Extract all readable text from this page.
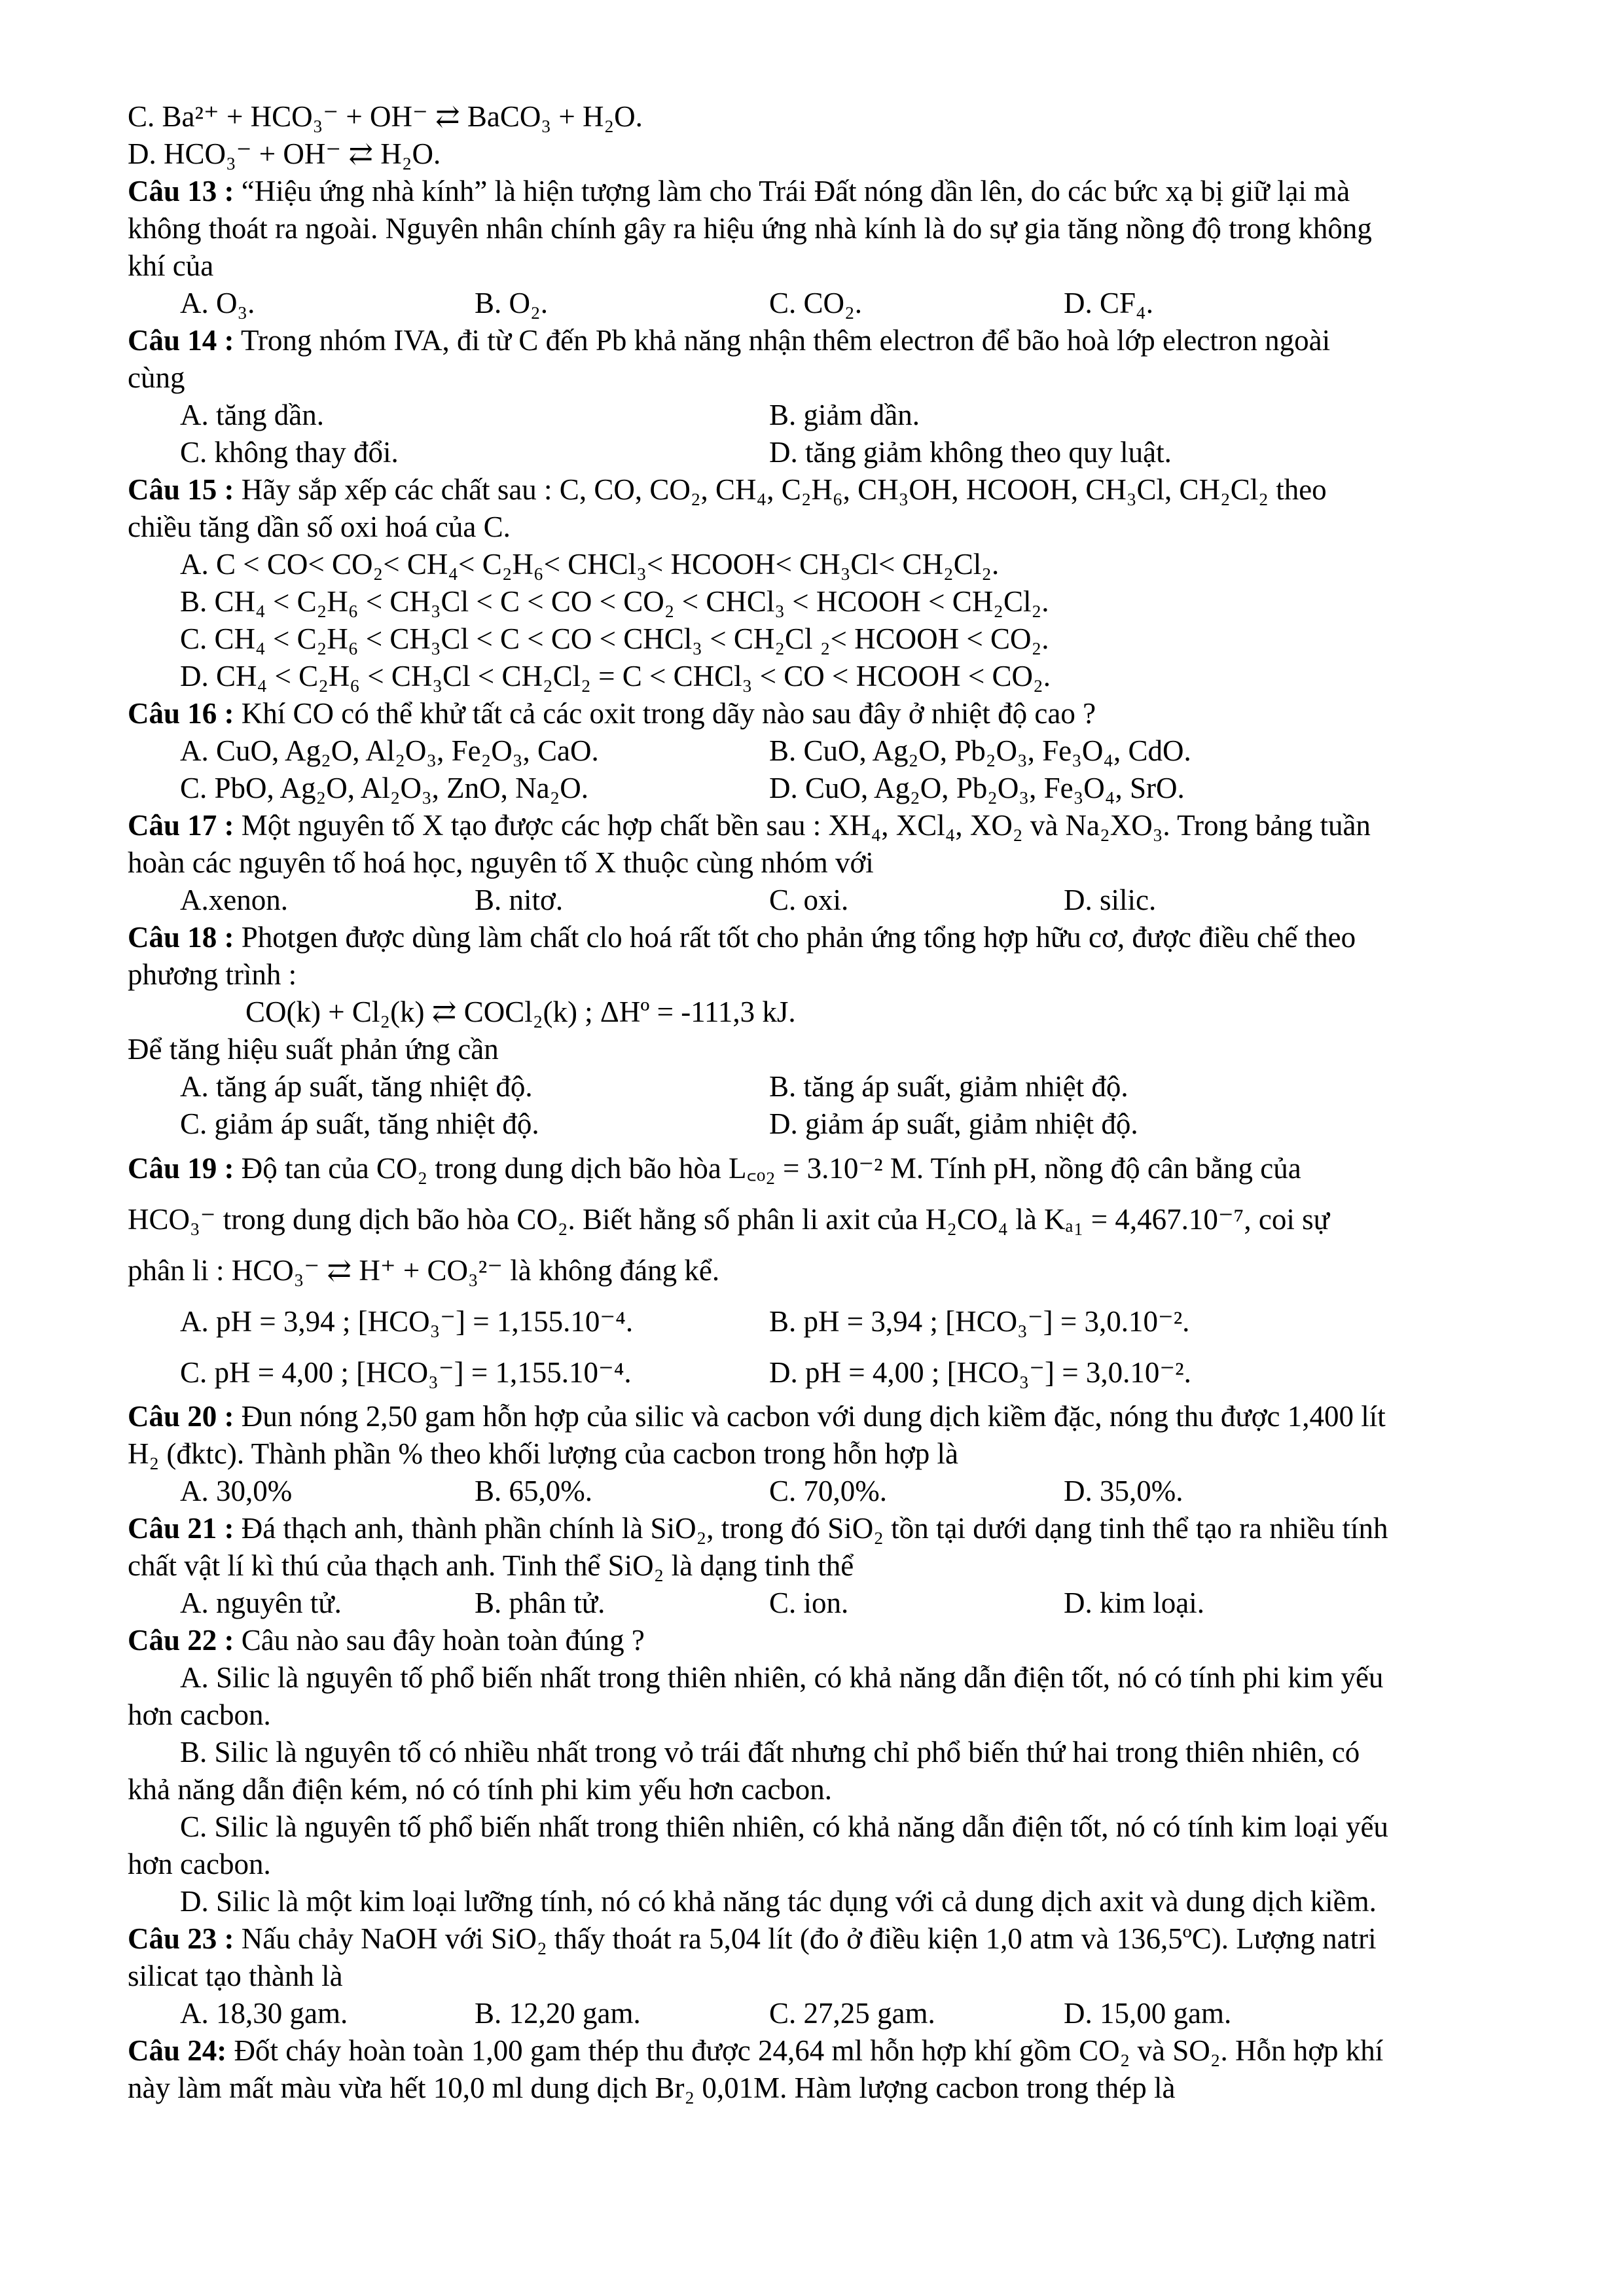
C. Ba²⁺ + HCO₃⁻ + OH⁻ ⇄ BaCO₃ + H₂O.
D. HCO₃⁻ + OH⁻ ⇄ H₂O.
Câu 13 : “Hiệu ứng nhà kính” là hiện tượng làm cho Trái Đất nóng dần lên, do các bức xạ bị giữ lại mà
không thoát ra ngoài. Nguyên nhân chính gây ra hiệu ứng nhà kính là do sự gia tăng nồng độ trong không
khí của
A. O₃.	B. O₂.	C. CO₂.	D. CF₄.
Câu 14 : Trong nhóm IVA, đi từ C đến Pb khả năng nhận thêm electron để bão hoà lớp electron ngoài
cùng
A. tăng dần.	B. giảm dần.
C. không thay đổi.	D. tăng giảm không theo quy luật.
Câu 15 : Hãy sắp xếp các chất sau : C, CO, CO₂, CH₄, C₂H₆, CH₃OH, HCOOH, CH₃Cl, CH₂Cl₂ theo
chiều tăng dần số oxi hoá của C.
A. C < CO< CO₂< CH₄< C₂H₆< CHCl₃< HCOOH< CH₃Cl< CH₂Cl₂.
B. CH₄ < C₂H₆ < CH₃Cl < C < CO < CO₂ < CHCl₃ < HCOOH < CH₂Cl₂.
C. CH₄ < C₂H₆ < CH₃Cl < C < CO < CHCl₃ < CH₂Cl ₂< HCOOH < CO₂.
D. CH₄ < C₂H₆ < CH₃Cl < CH₂Cl₂ = C < CHCl₃ < CO < HCOOH < CO₂.
Câu 16 : Khí CO có thể khử tất cả các oxit trong dãy nào sau đây ở nhiệt độ cao ?
A. CuO, Ag₂O, Al₂O₃, Fe₂O₃, CaO.	B. CuO, Ag₂O, Pb₂O₃, Fe₃O₄, CdO.
C. PbO, Ag₂O, Al₂O₃, ZnO, Na₂O.	D. CuO, Ag₂O, Pb₂O₃, Fe₃O₄, SrO.
Câu 17 : Một nguyên tố X tạo được các hợp chất bền sau : XH₄, XCl₄, XO₂ và Na₂XO₃. Trong bảng tuần
hoàn các nguyên tố hoá học, nguyên tố X thuộc cùng nhóm với
A.xenon.	B. nitơ.	C. oxi.	D. silic.
Câu 18 : Photgen được dùng làm chất clo hoá rất tốt cho phản ứng tổng hợp hữu cơ, được điều chế theo
phương trình :
CO(k) + Cl₂(k) ⇄ COCl₂(k) ; ΔHº = -111,3 kJ.
Để tăng hiệu suất phản ứng cần
A. tăng áp suất, tăng nhiệt độ.	B. tăng áp suất, giảm nhiệt độ.
C. giảm áp suất, tăng nhiệt độ.	D. giảm áp suất, giảm nhiệt độ.
Câu 19 : Độ tan của CO₂ trong dung dịch bão hòa L꜀ₒ₂ = 3.10⁻² M. Tính pH, nồng độ cân bằng của
HCO₃⁻ trong dung dịch bão hòa CO₂. Biết hằng số phân li axit của H₂CO₄ là Kₐ₁ = 4,467.10⁻⁷, coi sự
phân li : HCO₃⁻ ⇄ H⁺ + CO₃²⁻ là không đáng kể.
A. pH = 3,94 ; [HCO₃⁻] = 1,155.10⁻⁴.	B. pH = 3,94 ; [HCO₃⁻] = 3,0.10⁻².
C. pH = 4,00 ; [HCO₃⁻] = 1,155.10⁻⁴.	D. pH = 4,00 ; [HCO₃⁻] = 3,0.10⁻².
Câu 20 : Đun nóng 2,50 gam hỗn hợp của silic và cacbon với dung dịch kiềm đặc, nóng thu được 1,400 lít
H₂ (đktc). Thành phần % theo khối lượng của cacbon trong hỗn hợp là
A. 30,0%	B. 65,0%.	C. 70,0%.	D. 35,0%.
Câu 21 : Đá thạch anh, thành phần chính là SiO₂, trong đó SiO₂ tồn tại dưới dạng tinh thể tạo ra nhiều tính
chất vật lí kì thú của thạch anh. Tinh thể SiO₂ là dạng tinh thể
A. nguyên tử.	B. phân tử.	C. ion.	D. kim loại.
Câu 22 : Câu nào sau đây hoàn toàn đúng ?
A. Silic là nguyên tố phổ biến nhất trong thiên nhiên, có khả năng dẫn điện tốt, nó có tính phi kim yếu
hơn cacbon.
B. Silic là nguyên tố có nhiều nhất trong vỏ trái đất nhưng chỉ phổ biến thứ hai trong thiên nhiên, có
khả năng dẫn điện kém, nó có tính phi kim yếu hơn cacbon.
C. Silic là nguyên tố phổ biến nhất trong thiên nhiên, có khả năng dẫn điện tốt, nó có tính kim loại yếu
hơn cacbon.
D. Silic là một kim loại lưỡng tính, nó có khả năng tác dụng với cả dung dịch axit và dung dịch kiềm.
Câu 23 : Nấu chảy NaOH với SiO₂ thấy thoát ra 5,04 lít (đo ở điều kiện 1,0 atm và 136,5ºC). Lượng natri
silicat tạo thành là
A. 18,30 gam.	B. 12,20 gam.	C. 27,25 gam.	D. 15,00 gam.
Câu 24: Đốt cháy hoàn toàn 1,00 gam thép thu được 24,64 ml hỗn hợp khí gồm CO₂ và SO₂. Hỗn hợp khí
này làm mất màu vừa hết 10,0 ml dung dịch Br₂ 0,01M. Hàm lượng cacbon trong thép là
